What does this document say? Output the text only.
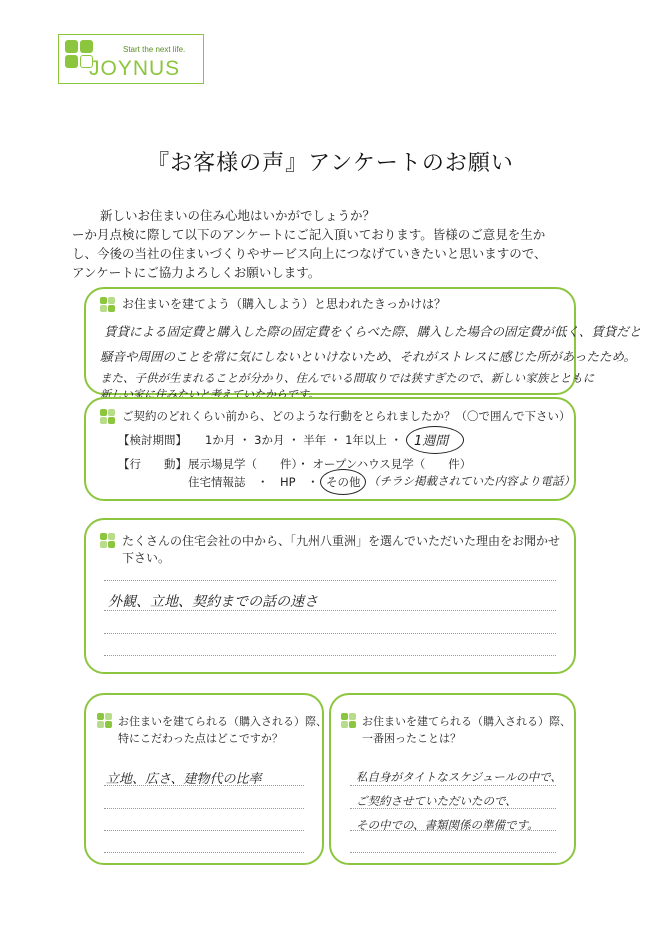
Start the next life.
JOYNUS
『お客様の声』アンケートのお願い

新しいお住まいの住み心地はいかがでしょうか？

ーか月点検に際して以下のアンケートにご記入頂いております。皆様のご意見を生か

し、今後の当社の住まいづくりやサービス向上につなげていきたいと思いますので、

アンケートにご協力よろしくお願いします。

お住まいを建てよう（購入しよう）と思われたきっかけは？
賃貸による固定費と購入した際の固定費をくらべた際、購入した場合の固定費が低く、賃貸だと
騒音や周囲のことを常に気にしないといけないため、それがストレスに感じた所があったため。
また、子供が生まれることが分かり、住んでいる間取りでは狭すぎたので、新しい家族とともに
新しい家に住みたいと考えていたからです。
ご契約のどれくらい前から、どのような行動をとられましたか？（〇で囲んで下さい）
【検討期間】 1か月 ・ 3か月 ・ 半年 ・ 1年以上 ・ 1週間
【行　　動】 展示場見学（　　件）・ オープンハウス見学（　　件）
住宅情報誌　・　HP　・ その他 （チラシ掲載されていた内容より電話）
たくさんの住宅会社の中から、「九州八重洲」を選んでいただいた理由をお聞かせ下さい。
外観、立地、契約までの話の速さ
お住まいを建てられる（購入される）際、
特にこだわった点はどこですか？
立地、広さ、建物代の比率
お住まいを建てられる（購入される）際、
一番困ったことは？
私自身がタイトなスケジュールの中で、
ご契約させていただいたので、
その中での、書類関係の準備です。
